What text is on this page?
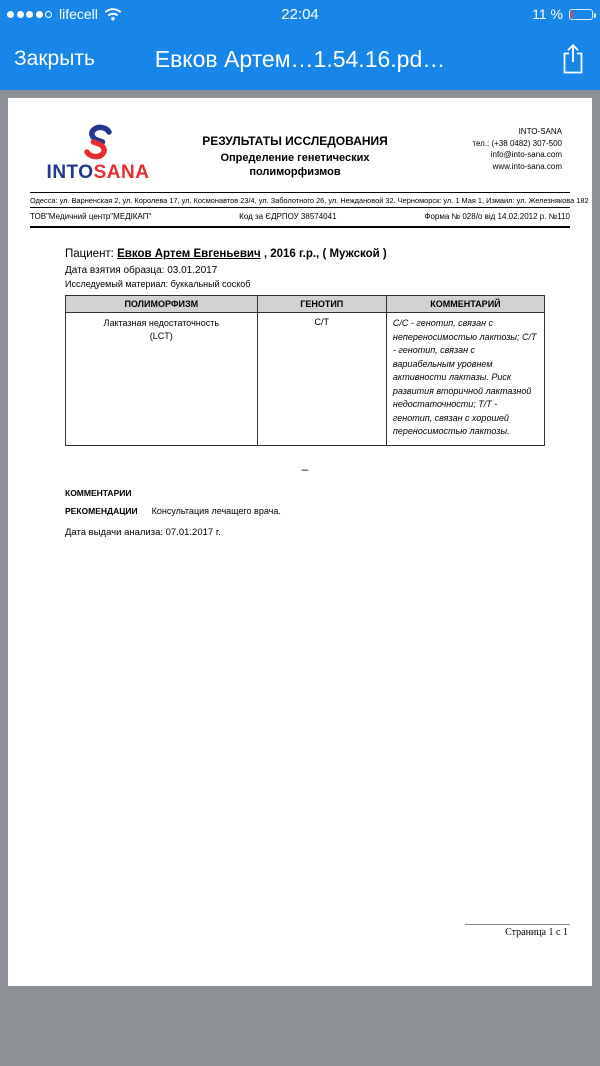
lifecell	22:04	11 %
Закрыть	Евков Артем…1.54.16.pd…
INTOSANA
РЕЗУЛЬТАТЫ ИССЛЕДОВАНИЯ
Определение генетических
полиморфизмов
INTO-SANA
тел.: (+38 0482) 307-500
info@into-sana.com
www.into-sana.com
Одесса: ул. Варненская 2, ул. Королева 17, ул. Космонавтов 23/4, ул. Заболотного 26, ул. Неждановой 32. Черноморск: ул. 1 Мая 1, Измаил: ул. Железнякова 182
ТОВ"Медичний центр"МЕДІКАП"	Код за ЄДРПОУ 38574041	Форма № 028/о від 14.02.2012 р. №110
Пациент: Евков Артем Евгеньевич , 2016 г.р., ( Мужской )
Дата взятия образца: 03.01.2017
Исследуемый материал: буккальный соскоб
ПОЛИМОРФИЗМ	ГЕНОТИП	КОММЕНТАРИЙ

Лактазная недостаточность
(LCT)	С/Т	С/С - генотип, связан с непереносимостью лактозы; С/Т - генотип, связан с вариабельным уровнем активности лактазы. Риск развития вторичной лактазной недостаточности; Т/Т - генотип, связан с хорошей переносимостью лактозы.
–
КОММЕНТАРИИ
РЕКОМЕНДАЦИИ Консультация лечащего врача.
Дата выдачи анализа: 07.01.2017 г.
Страница 1 с 1
